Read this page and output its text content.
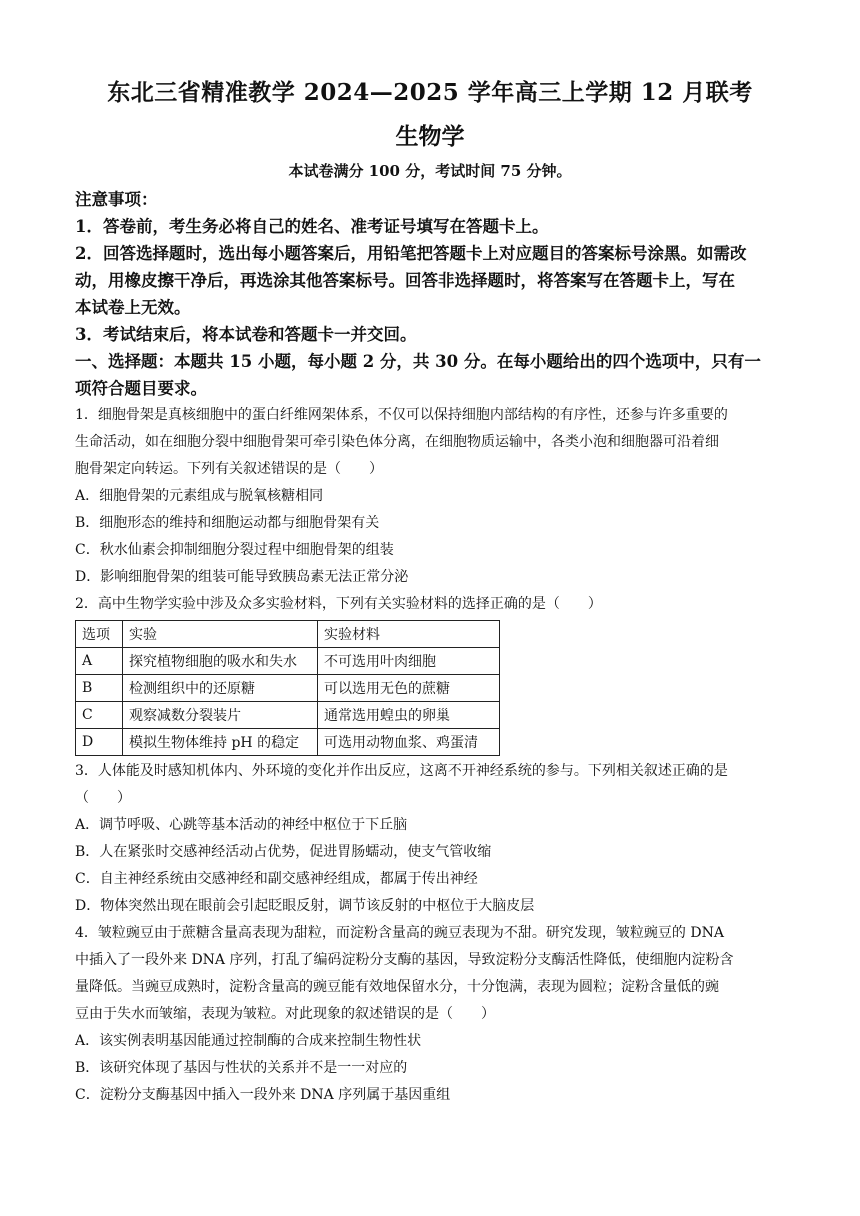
东北三省精准教学 2024—2025 学年高三上学期 12 月联考
生物学
本试卷满分 100 分，考试时间 75 分钟。
注意事项：
1．答卷前，考生务必将自己的姓名、准考证号填写在答题卡上。
2．回答选择题时，选出每小题答案后，用铅笔把答题卡上对应题目的答案标号涂黑。如需改
动，用橡皮擦干净后，再选涂其他答案标号。回答非选择题时，将答案写在答题卡上，写在
本试卷上无效。
3．考试结束后，将本试卷和答题卡一并交回。
一、选择题：本题共 15 小题，每小题 2 分，共 30 分。在每小题给出的四个选项中，只有一
项符合题目要求。
1．细胞骨架是真核细胞中的蛋白纤维网架体系，不仅可以保持细胞内部结构的有序性，还参与许多重要的
生命活动，如在细胞分裂中细胞骨架可牵引染色体分离，在细胞物质运输中，各类小泡和细胞器可沿着细
胞骨架定向转运。下列有关叙述错误的是（　　）
A．细胞骨架的元素组成与脱氧核糖相同
B．细胞形态的维持和细胞运动都与细胞骨架有关
C．秋水仙素会抑制细胞分裂过程中细胞骨架的组装
D．影响细胞骨架的组装可能导致胰岛素无法正常分泌
2．高中生物学实验中涉及众多实验材料，下列有关实验材料的选择正确的是（　　）
选项	实验	实验材料
A	探究植物细胞的吸水和失水	不可选用叶肉细胞
B	检测组织中的还原糖	可以选用无色的蔗糖
C	观察减数分裂装片	通常选用蝗虫的卵巢
D	模拟生物体维持 pH 的稳定	可选用动物血浆、鸡蛋清
3．人体能及时感知机体内、外环境的变化并作出反应，这离不开神经系统的参与。下列相关叙述正确的是
（　　）
A．调节呼吸、心跳等基本活动的神经中枢位于下丘脑
B．人在紧张时交感神经活动占优势，促进胃肠蠕动，使支气管收缩
C．自主神经系统由交感神经和副交感神经组成，都属于传出神经
D．物体突然出现在眼前会引起眨眼反射，调节该反射的中枢位于大脑皮层
4．皱粒豌豆由于蔗糖含量高表现为甜粒，而淀粉含量高的豌豆表现为不甜。研究发现，皱粒豌豆的 DNA
中插入了一段外来 DNA 序列，打乱了编码淀粉分支酶的基因，导致淀粉分支酶活性降低，使细胞内淀粉含
量降低。当豌豆成熟时，淀粉含量高的豌豆能有效地保留水分，十分饱满，表现为圆粒；淀粉含量低的豌
豆由于失水而皱缩，表现为皱粒。对此现象的叙述错误的是（　　）
A．该实例表明基因能通过控制酶的合成来控制生物性状
B．该研究体现了基因与性状的关系并不是一一对应的
C．淀粉分支酶基因中插入一段外来 DNA 序列属于基因重组
